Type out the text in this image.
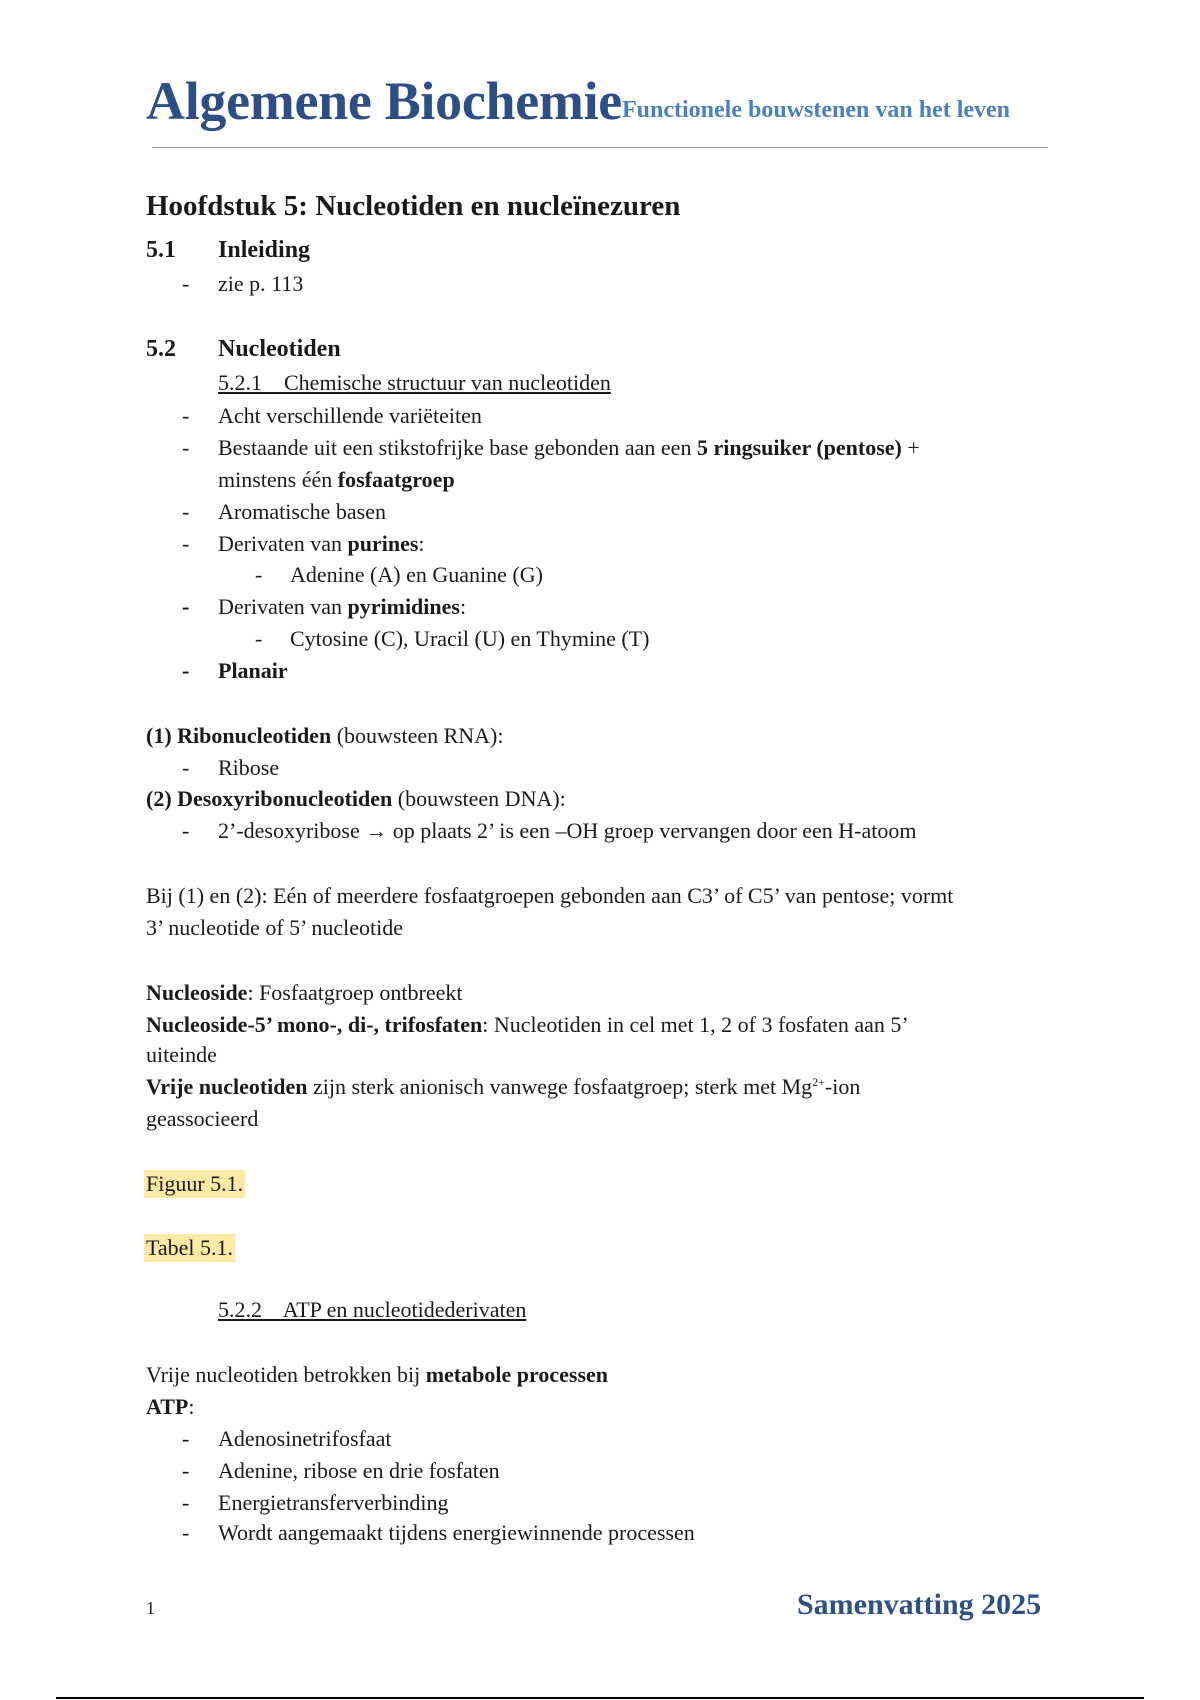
Algemene Biochemie Functionele bouwstenen van het leven
Hoofdstuk 5: Nucleotiden en nucleïnezuren
5.1 Inleiding
- zie p. 113
5.2 Nucleotiden
5.2.1    Chemische structuur van nucleotiden
- Acht verschillende variëteiten
- Bestaande uit een stikstofrijke base gebonden aan een 5 ringsuiker (pentose) +
minstens één fosfaatgroep
- Aromatische basen
- Derivaten van purines:
- Adenine (A) en Guanine (G)
- Derivaten van pyrimidines:
- Cytosine (C), Uracil (U) en Thymine (T)
- Planair
(1) Ribonucleotiden (bouwsteen RNA):
- Ribose
(2) Desoxyribonucleotiden (bouwsteen DNA):
- 2’-desoxyribose → op plaats 2’ is een –OH groep vervangen door een H-atoom
Bij (1) en (2): Eén of meerdere fosfaatgroepen gebonden aan C3’ of C5’ van pentose; vormt
3’ nucleotide of 5’ nucleotide
Nucleoside: Fosfaatgroep ontbreekt
Nucleoside-5’ mono-, di-, trifosfaten: Nucleotiden in cel met 1, 2 of 3 fosfaten aan 5’
uiteinde
Vrije nucleotiden zijn sterk anionisch vanwege fosfaatgroep; sterk met $Mg^{2+}$-ion
geassocieerd
Figuur 5.1.
Tabel 5.1.
5.2.2    ATP en nucleotidederivaten
Vrije nucleotiden betrokken bij metabole processen
ATP:
- Adenosinetrifosfaat
- Adenine, ribose en drie fosfaten
- Energietransferverbinding
- Wordt aangemaakt tijdens energiewinnende processen
1	Samenvatting 2025
